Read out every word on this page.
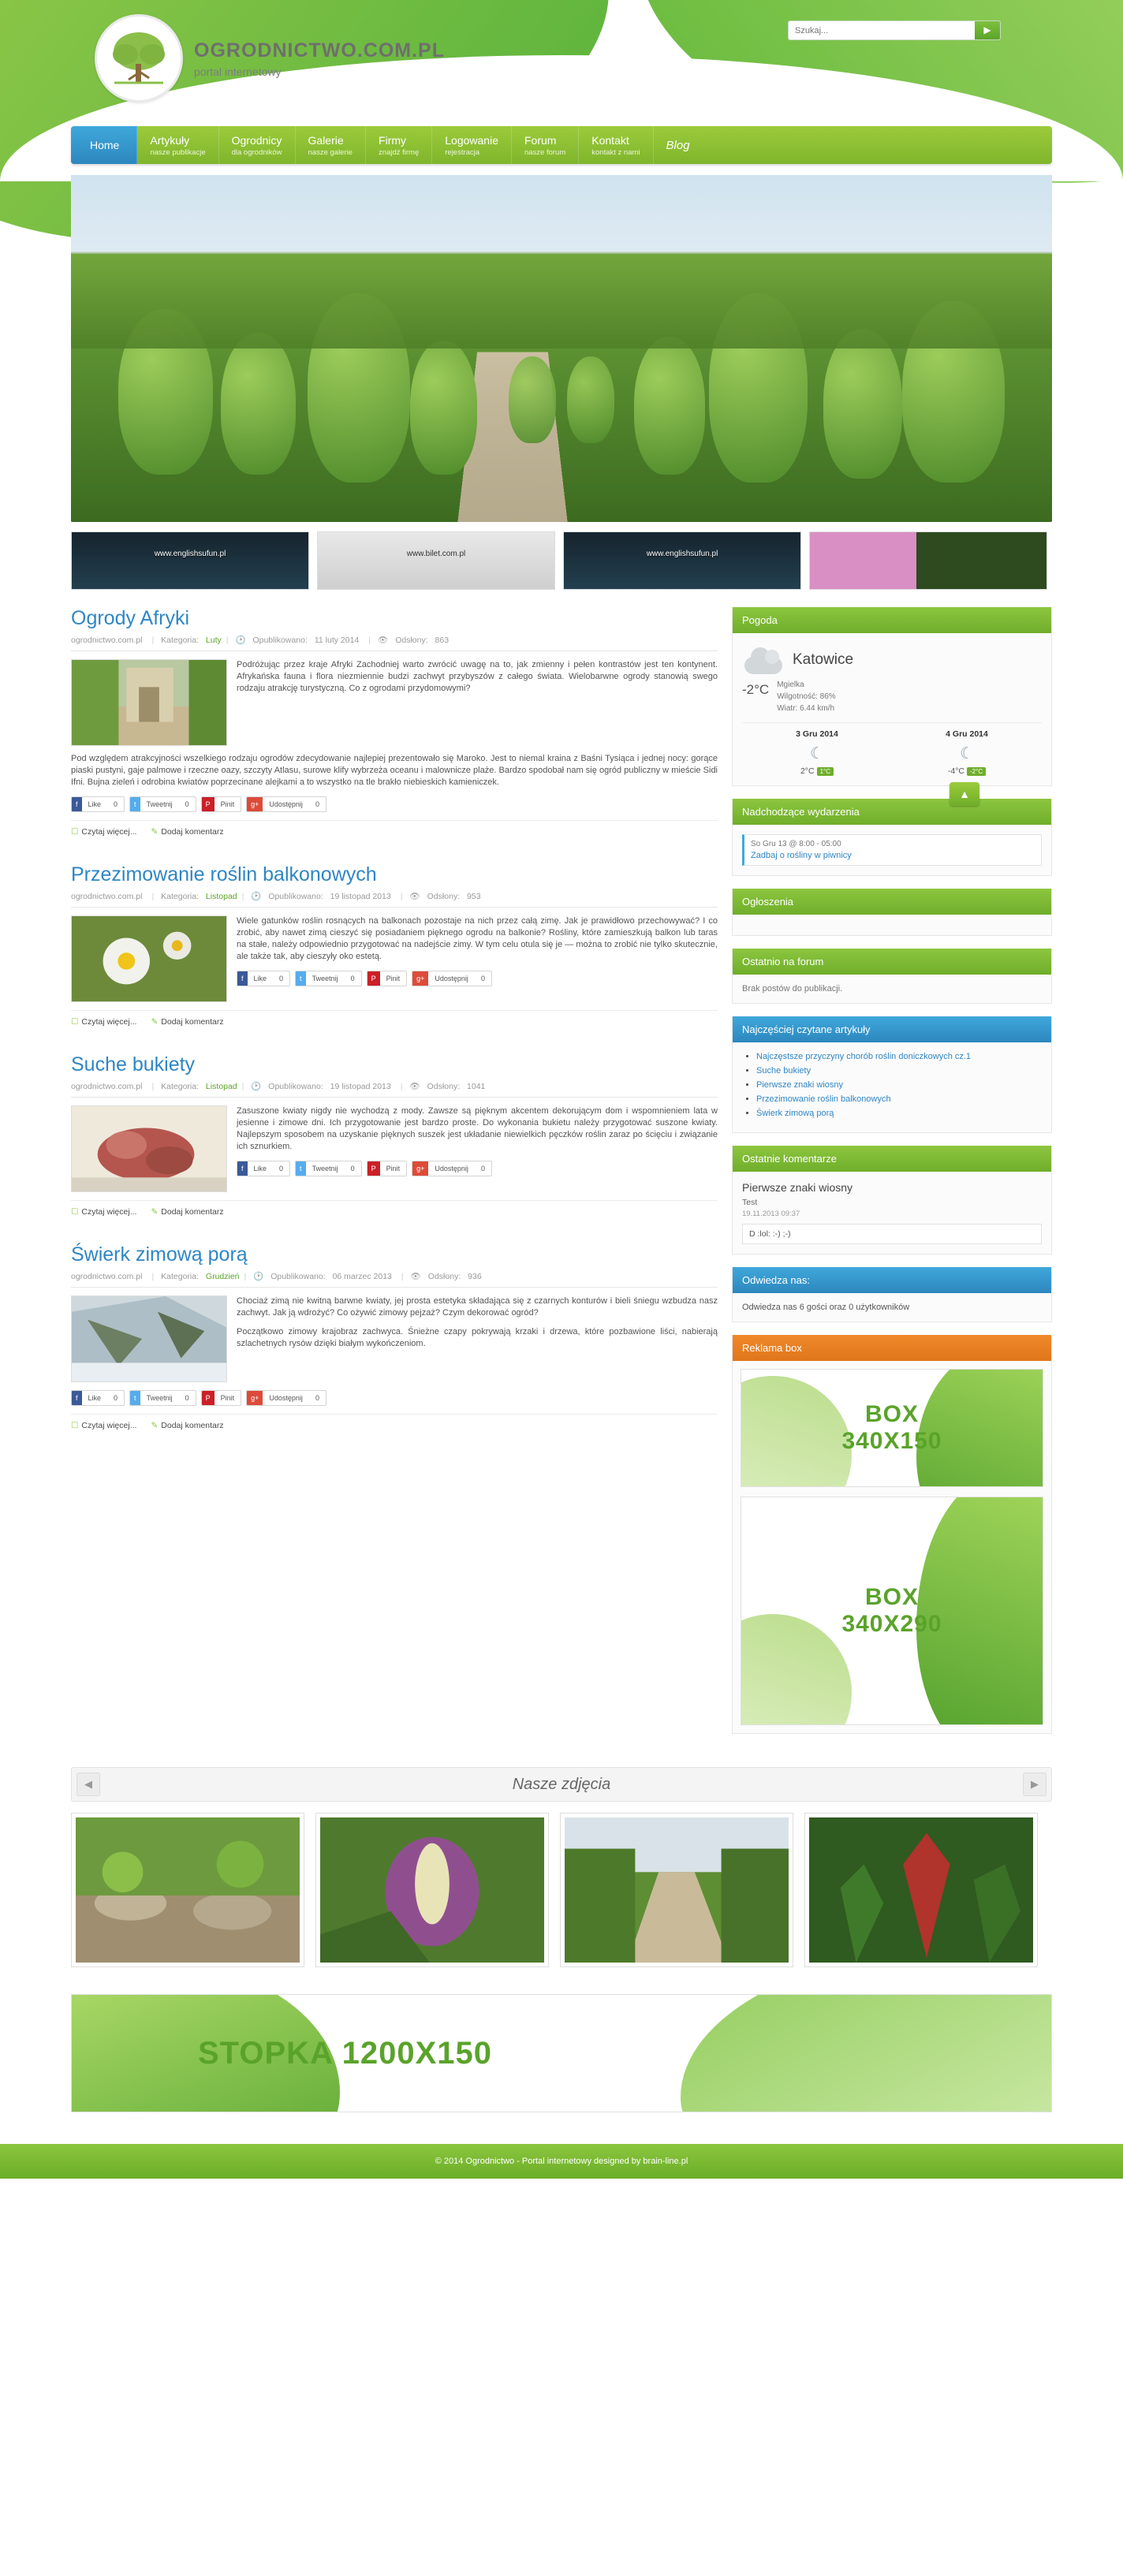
OGRODNICTWO.COM.PL
portal internetowy
Szukaj...
▶
Home	Artykuły
nasze publikacje
Ogrodnicy
dla ogrodników
Galerie
nasze galerie
Firmy
znajdź firmę
Logowanie
rejestracja
Forum
nasze forum
Kontakt
kontakt z nami
Blog
www.englishsufun.pl	www.bilet.com.pl	www.englishsufun.pl
▲
Ogrody Afryki
ogrodnictwo.com.pl | Kategoria: Luty | 🕑 Opublikowano: 11 luty 2014 | 👁 Odsłony: 863

Podróżując przez kraje Afryki Zachodniej warto zwrócić uwagę na to, jak zmienny i pełen kontrastów jest ten kontynent. Afrykańska fauna i flora niezmiennie budzi zachwyt przybyszów z całego świata. Wielobarwne ogrody stanowią swego rodzaju atrakcję turystyczną. Co z ogrodami przydomowymi?

Pod względem atrakcyjności wszelkiego rodzaju ogrodów zdecydowanie najlepiej prezentowało się Maroko. Jest to niemal kraina z Baśni Tysiąca i jednej nocy: gorące piaski pustyni, gaje palmowe i rzeczne oazy, szczyty Atlasu, surowe klify wybrzeża oceanu i malownicze plaże. Bardzo spodobał nam się ogród publiczny w mieście Sidi Ifni. Bujna zieleń i odrobina kwiatów poprzecinane alejkami a to wszystko na tle brakło niebieskich kamieniczek.
f	Like	0	t	Tweetnij	0	P	Pinit	g+	Udostępnij	0
☐ Czytaj więcej... ✎ Dodaj komentarz
Przezimowanie roślin balkonowych
ogrodnictwo.com.pl | Kategoria: Listopad | 🕑 Opublikowano: 19 listopad 2013 | 👁 Odsłony: 953

Wiele gatunków roślin rosnących na balkonach pozostaje na nich przez całą zimę. Jak je prawidłowo przechowywać? I co zrobić, aby nawet zimą cieszyć się posiadaniem pięknego ogrodu na balkonie? Rośliny, które zamieszkują balkon lub taras na stałe, należy odpowiednio przygotować na nadejście zimy. W tym celu otula się je — można to zrobić nie tylko skutecznie, ale także tak, aby cieszyły oko estetą.

f	Like	0	t	Tweetnij	0	P	Pinit	g+	Udostępnij	0
☐ Czytaj więcej... ✎ Dodaj komentarz
Suche bukiety
ogrodnictwo.com.pl | Kategoria: Listopad | 🕑 Opublikowano: 19 listopad 2013 | 👁 Odsłony: 1041

Zasuszone kwiaty nigdy nie wychodzą z mody. Zawsze są pięknym akcentem dekorującym dom i wspomnieniem lata w jesienne i zimowe dni. Ich przygotowanie jest bardzo proste. Do wykonania bukietu należy przygotować suszone kwiaty. Najlepszym sposobem na uzyskanie pięknych suszek jest układanie niewielkich pęczków roślin zaraz po ścięciu i związanie ich sznurkiem.

f	Like	0	t	Tweetnij	0	P	Pinit	g+	Udostępnij	0
☐ Czytaj więcej... ✎ Dodaj komentarz
Świerk zimową porą
ogrodnictwo.com.pl | Kategoria: Grudzień | 🕑 Opublikowano: 06 marzec 2013 | 👁 Odsłony: 936

Chociaż zimą nie kwitną barwne kwiaty, jej prosta estetyka składająca się z czarnych konturów i bieli śniegu wzbudza nasz zachwyt. Jak ją wdrożyć? Co ożywić zimowy pejzaż? Czym dekorować ogród?

Początkowo zimowy krajobraz zachwyca. Śnieżne czapy pokrywają krzaki i drzewa, które pozbawione liści, nabierają szlachetnych rysów dzięki białym wykończeniom.

f	Like	0	t	Tweetnij	0	P	Pinit	g+	Udostępnij	0
☐ Czytaj więcej... ✎ Dodaj komentarz
Pogoda
Katowice
-2°C Mgielka
Wilgotność: 86%
Wiatr: 6.44 km/h
3 Gru 2014
☾
2°C 1°C
4 Gru 2014
☾
-4°C -2°C
Nadchodzące wydarzenia
So Gru 13 @ 8:00 - 05:00
Zadbaj o rośliny w piwnicy
Ogłoszenia
Ostatnio na forum
Brak postów do publikacji.
Najczęściej czytane artykuły
• Najczęstsze przyczyny chorób roślin doniczkowych cz.1
• Suche bukiety
• Pierwsze znaki wiosny
• Przezimowanie roślin balkonowych
• Świerk zimową porą
Ostatnie komentarze
Pierwsze znaki wiosny
Test
19.11.2013 09:37
D :lol: :-) ;-)
Odwiedza nas:
Odwiedza nas 6 gości oraz 0 użytkowników
Reklama box
BOX
340X150
BOX
340X290
◀	Nasze zdjęcia	▶
STOPKA 1200X150
© 2014 Ogrodnictwo - Portal internetowy designed by brain-line.pl
